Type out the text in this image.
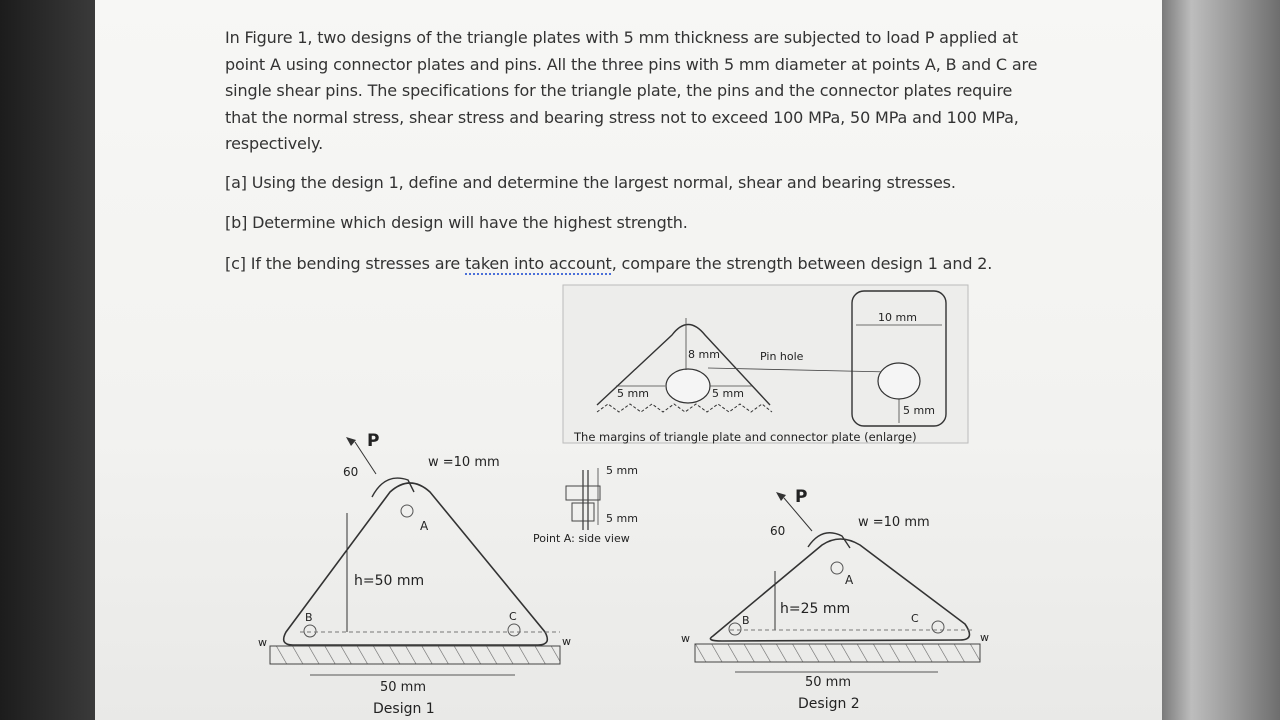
In Figure 1, two designs of the triangle plates with 5 mm thickness are subjected to load P applied at point A using connector plates and pins. All the three pins with 5 mm diameter at points A, B and C are single shear pins. The specifications for the triangle plate, the pins and the connector plates require that the normal stress, shear stress and bearing stress not to exceed 100 MPa, 50 MPa and 100 MPa, respectively.

[a] Using the design 1, define and determine the largest normal, shear and bearing stresses.

[b] Determine which design will have the highest strength.

[c] If the bending stresses are taken into account, compare the strength between design 1 and 2.

8 mm
5 mm	5 mm
Pin hole
10 mm
5 mm
The margins of triangle plate and connector plate (enlarge)
5 mm
5 mm
Point A: side view
P
60
w =10 mm
A
B	C
h=50 mm
w	w
50 mm
Design 1
P
60
w =10 mm
A
B	C
h=25 mm
w	w
50 mm
Design 2
